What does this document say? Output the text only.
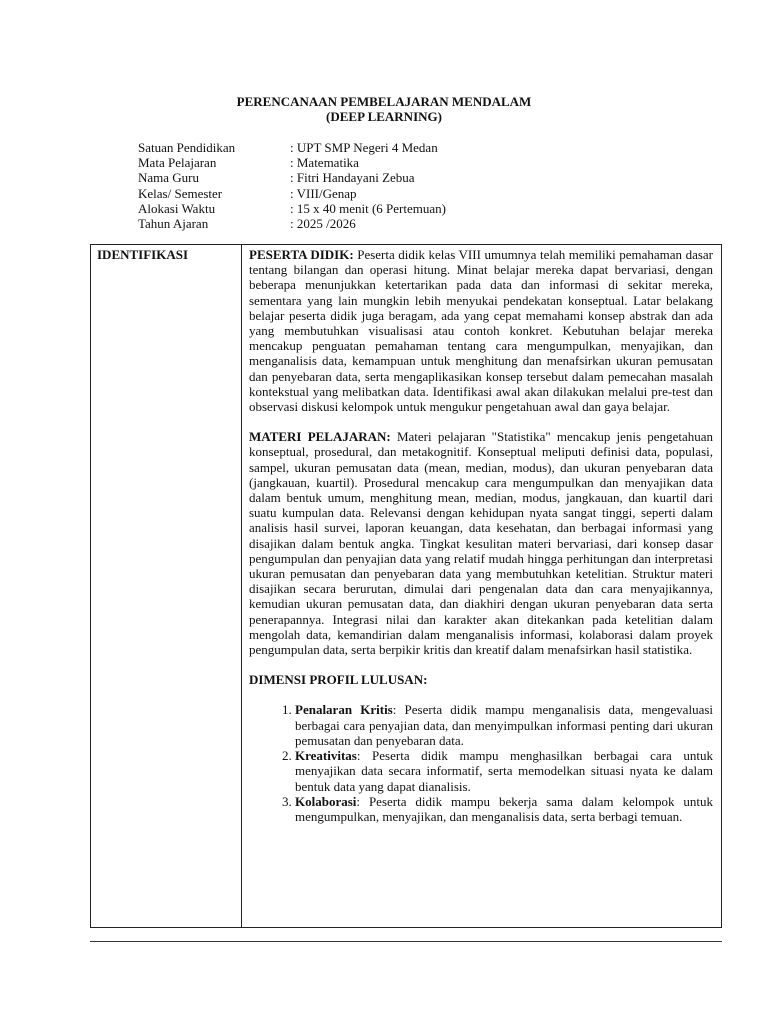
PERENCANAAN PEMBELAJARAN MENDALAM
(DEEP LEARNING)
Satuan Pendidikan	: UPT SMP Negeri 4 Medan
Mata Pelajaran	: Matematika
Nama Guru	: Fitri Handayani Zebua
Kelas/ Semester	: VIII/Genap
Alokasi Waktu	: 15 x 40 menit (6 Pertemuan)
Tahun Ajaran	: 2025 /2026
IDENTIFIKASI	PESERTA DIDIK: Peserta didik kelas VIII umumnya telah memiliki pemahaman dasar tentang bilangan dan operasi hitung. Minat belajar mereka dapat bervariasi, dengan beberapa menunjukkan ketertarikan pada data dan informasi di sekitar mereka, sementara yang lain mungkin lebih menyukai pendekatan konseptual. Latar belakang belajar peserta didik juga beragam, ada yang cepat memahami konsep abstrak dan ada yang membutuhkan visualisasi atau contoh konkret. Kebutuhan belajar mereka mencakup penguatan pemahaman tentang cara mengumpulkan, menyajikan, dan menganalisis data, kemampuan untuk menghitung dan menafsirkan ukuran pemusatan dan penyebaran data, serta mengaplikasikan konsep tersebut dalam pemecahan masalah kontekstual yang melibatkan data. Identifikasi awal akan dilakukan melalui pre-test dan observasi diskusi kelompok untuk mengukur pengetahuan awal dan gaya belajar.

MATERI PELAJARAN: Materi pelajaran "Statistika" mencakup jenis pengetahuan konseptual, prosedural, dan metakognitif. Konseptual meliputi definisi data, populasi, sampel, ukuran pemusatan data (mean, median, modus), dan ukuran penyebaran data (jangkauan, kuartil). Prosedural mencakup cara mengumpulkan dan menyajikan data dalam bentuk umum, menghitung mean, median, modus, jangkauan, dan kuartil dari suatu kumpulan data. Relevansi dengan kehidupan nyata sangat tinggi, seperti dalam analisis hasil survei, laporan keuangan, data kesehatan, dan berbagai informasi yang disajikan dalam bentuk angka. Tingkat kesulitan materi bervariasi, dari konsep dasar pengumpulan dan penyajian data yang relatif mudah hingga perhitungan dan interpretasi ukuran pemusatan dan penyebaran data yang membutuhkan ketelitian. Struktur materi disajikan secara berurutan, dimulai dari pengenalan data dan cara menyajikannya, kemudian ukuran pemusatan data, dan diakhiri dengan ukuran penyebaran data serta penerapannya. Integrasi nilai dan karakter akan ditekankan pada ketelitian dalam mengolah data, kemandirian dalam menganalisis informasi, kolaborasi dalam proyek pengumpulan data, serta berpikir kritis dan kreatif dalam menafsirkan hasil statistika.

DIMENSI PROFIL LULUSAN:

1. Penalaran Kritis: Peserta didik mampu menganalisis data, mengevaluasi berbagai cara penyajian data, dan menyimpulkan informasi penting dari ukuran pemusatan dan penyebaran data.
2. Kreativitas: Peserta didik mampu menghasilkan berbagai cara untuk menyajikan data secara informatif, serta memodelkan situasi nyata ke dalam bentuk data yang dapat dianalisis.
3. Kolaborasi: Peserta didik mampu bekerja sama dalam kelompok untuk mengumpulkan, menyajikan, dan menganalisis data, serta berbagi temuan.
